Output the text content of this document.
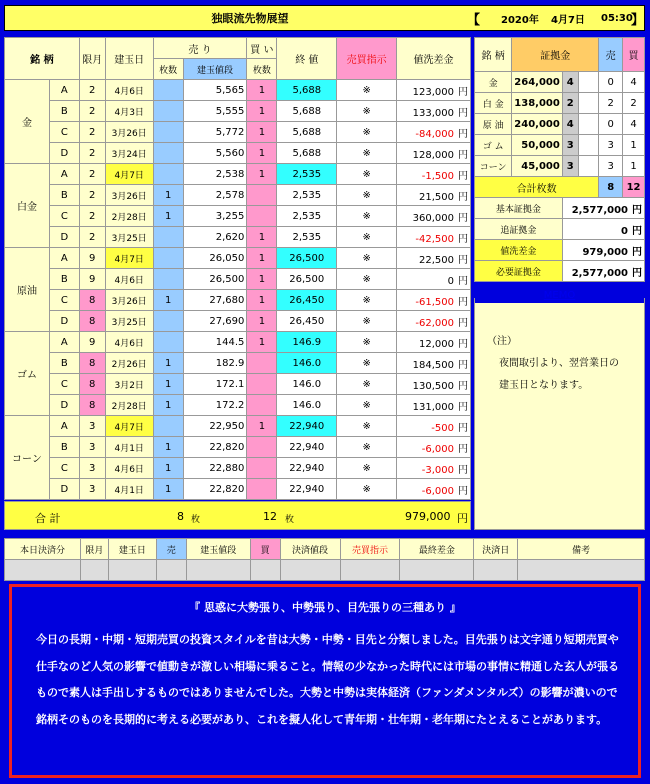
独眼流先物展望	【 2020年 4月7日 05:30
】
銘 柄		限月	建玉日	売 り		買 い	終 値	売買指示	値洗差金
				枚数	建玉値段	枚数			
金	A	2	4月6日		5,565	1	5,688	※	123,000 円
	B	2	4月3日		5,555	1	5,688	※	133,000 円
	C	2	3月26日		5,772	1	5,688	※	-84,000 円
	D	2	3月24日		5,560	1	5,688	※	128,000 円
白金	A	2	4月7日		2,538	1	2,535	※	-1,500 円
	B	2	3月26日	1	2,578		2,535	※	21,500 円
	C	2	2月28日	1	3,255		2,535	※	360,000 円
	D	2	3月25日		2,620	1	2,535	※	-42,500 円
原油	A	9	4月7日		26,050	1	26,500	※	22,500 円
	B	9	4月6日		26,500	1	26,500	※	0 円
	C	8	3月26日	1	27,680	1	26,450	※	-61,500 円
	D	8	3月25日		27,690	1	26,450	※	-62,000 円
ゴム	A	9	4月6日		144.5	1	146.9	※	12,000 円
	B	8	2月26日	1	182.9		146.0	※	184,500 円
	C	8	3月2日	1	172.1		146.0	※	130,500 円
	D	8	2月28日	1	172.2		146.0	※	131,000 円
コーン	A	3	4月7日		22,950	1	22,940	※	-500 円
	B	3	4月1日	1	22,820		22,940	※	-6,000 円
	C	3	4月6日	1	22,880		22,940	※	-3,000 円
	D	3	4月1日	1	22,820		22,940	※	-6,000 円
合 計	8 枚	12 枚	979,000 円
銘 柄	証拠金			売	買
金	264,000	4		0	4
白 金	138,000	2		2	2
原 油	240,000	4		0	4
ゴ ム	50,000	3		3	1
コーン	45,000	3		3	1
合計枚数				8	12
基本証拠金		2,577,000 円			
追証拠金		0 円			
値洗差金		979,000 円			
必要証拠金		2,577,000 円			
MEMO
（注）
夜間取引より、翌営業日の
建玉日となります。
本日決済分	限月	建玉日	売	建玉値段	買	決済値段	売買指示	最終差金	決済日	備考

『 思惑に大勢張り、中勢張り、目先張りの三種あり 』
今日の長期・中期・短期売買の投資スタイルを昔は大勢・中勢・目先と分類しました。目先張りは文字通り短期売買や仕手なのど人気の影響で値動きが激しい相場に乗ること。情報の少なかった時代には市場の事情に精通した玄人が張るもので素人は手出しするものではありませんでした。大勢と中勢は実体経済（ファンダメンタルズ）の影響が濃いので銘柄そのものを長期的に考える必要があり、これを擬人化して青年期・壮年期・老年期にたとえることがあります。
